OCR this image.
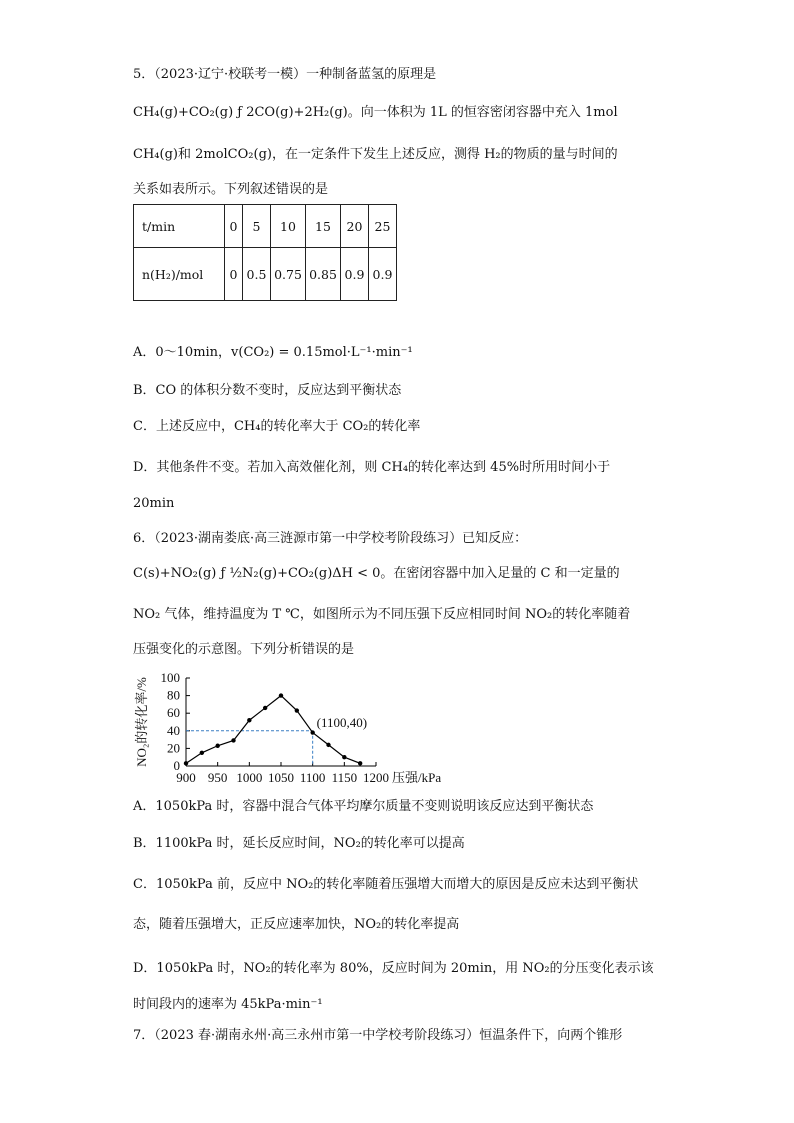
5．（2023·辽宁·校联考一模）一种制备蓝氢的原理是
CH₄(g)+CO₂(g) ƒ 2CO(g)+2H₂(g)。向一体积为 1L 的恒容密闭容器中充入 1mol
CH₄(g)和 2molCO₂(g)，在一定条件下发生上述反应，测得 H₂的物质的量与时间的
关系如表所示。下列叙述错误的是
t/min	0	5	10	15	20	25
n(H₂)/mol	0	0.5	0.75	0.85	0.9	0.9
A．0～10min，v(CO₂) = 0.15mol·L⁻¹·min⁻¹
B．CO 的体积分数不变时，反应达到平衡状态
C．上述反应中，CH₄的转化率大于 CO₂的转化率
D．其他条件不变。若加入高效催化剂，则 CH₄的转化率达到 45%时所用时间小于
20min
6．（2023·湖南娄底·高三涟源市第一中学校考阶段练习）已知反应：
C(s)+NO₂(g) ƒ ½N₂(g)+CO₂(g)ΔH < 0。在密闭容器中加入足量的 C 和一定量的
NO₂ 气体，维持温度为 T ℃，如图所示为不同压强下反应相同时间 NO₂的转化率随着
压强变化的示意图。下列分析错误的是
0
20
40
60
80
100
900 950 1000 1050 1100 1150 1200 压强/kPa
NO₂的转化率/%	(1100,40)
A．1050kPa 时，容器中混合气体平均摩尔质量不变则说明该反应达到平衡状态
B．1100kPa 时，延长反应时间，NO₂的转化率可以提高
C．1050kPa 前，反应中 NO₂的转化率随着压强增大而增大的原因是反应未达到平衡状
态，随着压强增大，正反应速率加快，NO₂的转化率提高
D．1050kPa 时，NO₂的转化率为 80%，反应时间为 20min，用 NO₂的分压变化表示该
时间段内的速率为 45kPa·min⁻¹
7．（2023 春·湖南永州·高三永州市第一中学校考阶段练习）恒温条件下，向两个锥形
